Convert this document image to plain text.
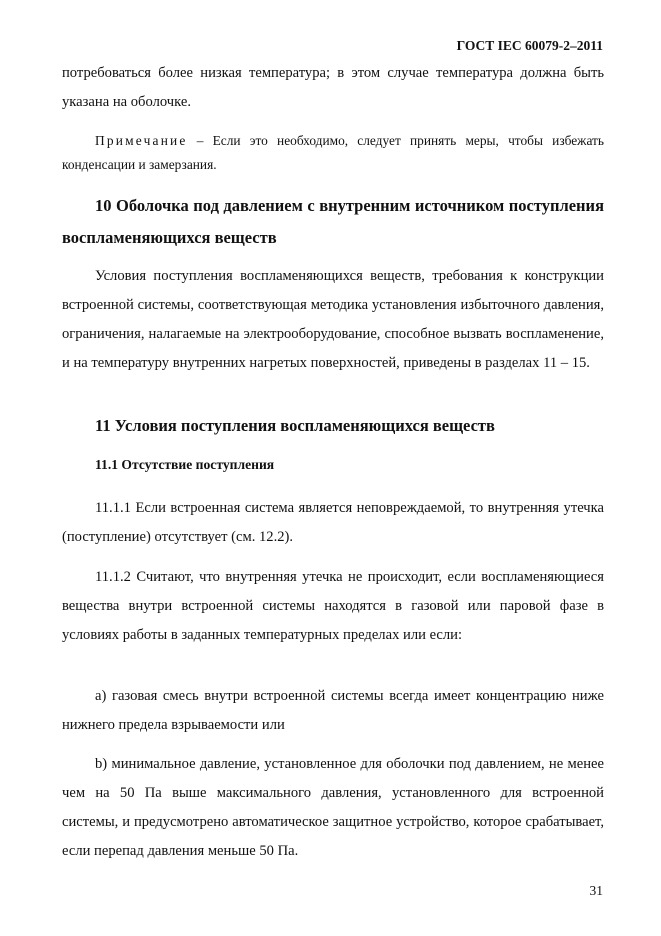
ГОСТ IEC 60079-2–2011

потребоваться более низкая температура; в этом случае температура должна быть указана на оболочке.

Примечание – Если это необходимо, следует принять меры, чтобы избежать конденсации и замерзания.

10 Оболочка под давлением с внутренним источником поступления воспламеняющихся веществ

Условия поступления воспламеняющихся веществ, требования к конструкции встроенной системы, соответствующая методика установления избыточного давления, ограничения, налагаемые на электрооборудование, способное вызвать воспламенение, и на температуру внутренних нагретых поверхностей, приведены в разделах 11 – 15.

11 Условия поступления воспламеняющихся веществ

11.1 Отсутствие поступления

11.1.1 Если встроенная система является неповреждаемой, то внутренняя утечка (поступление) отсутствует (см. 12.2).

11.1.2 Считают, что внутренняя утечка не происходит, если воспламеняющиеся вещества внутри встроенной системы находятся в газовой или паровой фазе в условиях работы в заданных температурных пределах или если:

а) газовая смесь внутри встроенной системы всегда имеет концентрацию ниже нижнего предела взрываемости или

b) минимальное давление, установленное для оболочки под давлением, не менее чем на 50 Па выше максимального давления, установленного для встроенной системы, и предусмотрено автоматическое защитное устройство, которое срабатывает, если перепад давления меньше 50 Па.

31
